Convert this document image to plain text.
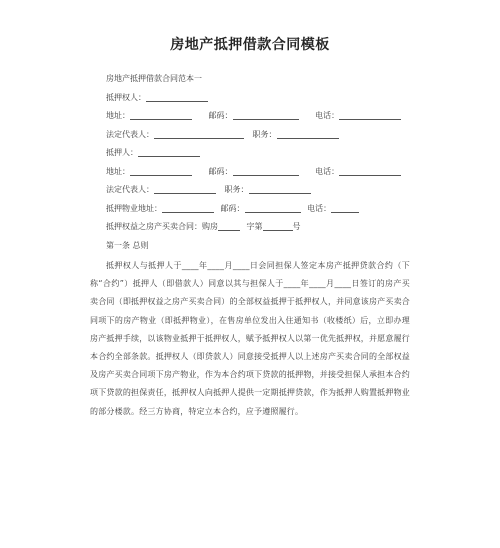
房地产抵押借款合同模板
房地产抵押借款合同范本一
抵押权人：
地址：	邮码：	电话：
法定代表人：	职务：
抵押人：
地址：	邮码：	电话：
法定代表人：	职务：
抵押物业地址：	邮码：	电话：
抵押权益之房产买卖合同：购房	字第	号
第一条 总则
抵押权人与抵押人于____年____月____日会同担保人签定本房产抵押贷款合约（下称“合约”）抵押人（即借款人）同意以其与担保人于____年____月____日签订的房产买卖合同（即抵押权益之房产买卖合同）的全部权益抵押于抵押权人，并同意该房产买卖合同项下的房产物业（即抵押物业），在售房单位发出入住通知书（收楼纸）后，立即办理房产抵押手续，以该物业抵押于抵押权人，赋予抵押权人以第一优先抵押权，并愿意履行本合约全部条款。抵押权人（即贷款人）同意接受抵押人以上述房产买卖合同的全部权益及房产买卖合同项下房产物业，作为本合约项下贷款的抵押物，并接受担保人承担本合约项下贷款的担保责任，抵押权人向抵押人提供一定期抵押贷款，作为抵押人购置抵押物业的部分楼款。经三方协商，特定立本合约，应予遵照履行。
